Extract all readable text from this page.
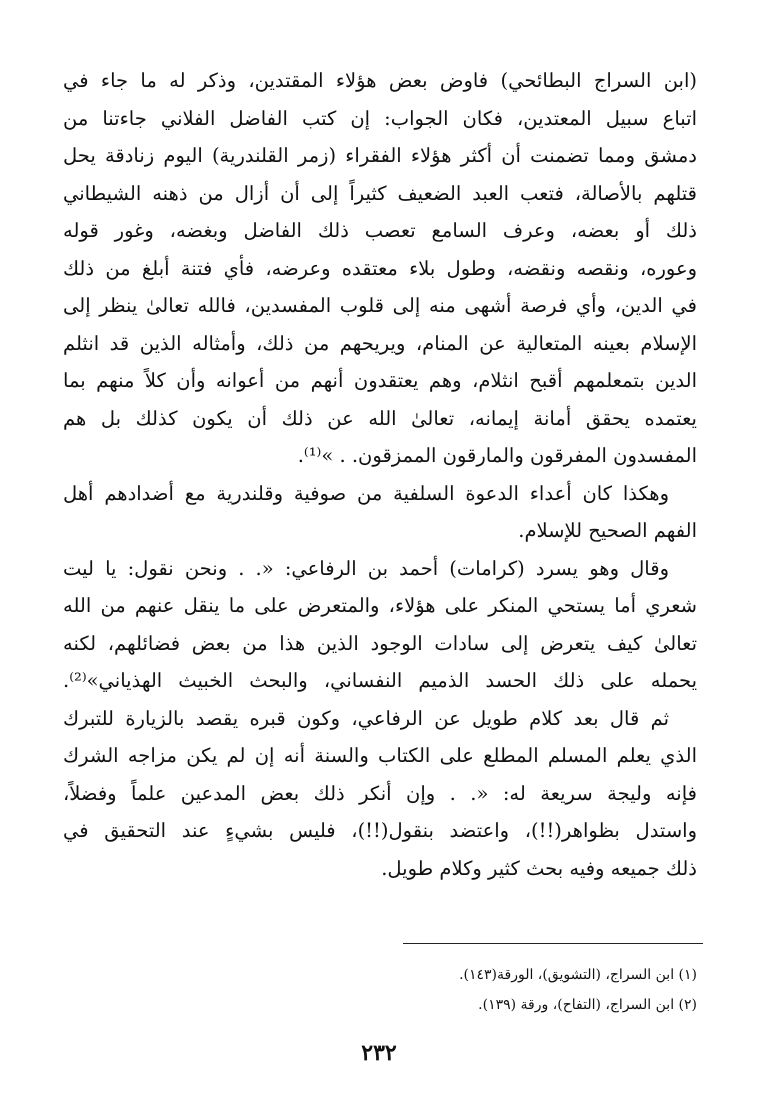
(ابن السراج البطائحي) فاوض بعض هؤلاء المقتدين، وذكر له ما جاء في
اتباع سبيل المعتدين، فكان الجواب: إن كتب الفاضل الفلاني جاءتنا من
دمشق ومما تضمنت أن أكثر هؤلاء الفقراء (زمر القلندرية) اليوم زنادقة يحل
قتلهم بالأصالة، فتعب العبد الضعيف كثيراً إلى أن أزال من ذهنه الشيطاني
ذلك أو بعضه، وعرف السامع تعصب ذلك الفاضل وبغضه، وغور قوله
وعوره، ونقصه ونقضه، وطول بلاء معتقده وعرضه، فأي فتنة أبلغ من ذلك
في الدين، وأي فرصة أشهى منه إلى قلوب المفسدين، فالله تعالىٰ ينظر إلى
الإسلام بعينه المتعالية عن المنام، ويريحهم من ذلك، وأمثاله الذين قد انثلم
الدين بتمعلمهم أقبح انثلام، وهم يعتقدون أنهم من أعوانه وأن كلاً منهم بما
يعتمده يحقق أمانة إيمانه، تعالىٰ الله عن ذلك أن يكون كذلك بل هم
المفسدون المفرقون والمارقون الممزقون. . »⁽¹⁾.
وهكذا كان أعداء الدعوة السلفية من صوفية وقلندرية مع أضدادهم أهل
الفهم الصحيح للإسلام.
وقال وهو يسرد (كرامات) أحمد بن الرفاعي: «. . ونحن نقول: يا ليت
شعري أما يستحي المنكر على هؤلاء، والمتعرض على ما ينقل عنهم من الله
تعالىٰ كيف يتعرض إلى سادات الوجود الذين هذا من بعض فضائلهم، لكنه
يحمله على ذلك الحسد الذميم النفساني، والبحث الخبيث الهذياني»⁽²⁾.
ثم قال بعد كلام طويل عن الرفاعي، وكون قبره يقصد بالزيارة للتبرك
الذي يعلم المسلم المطلع على الكتاب والسنة أنه إن لم يكن مزاجه الشرك
فإنه وليجة سريعة له: «. . وإن أنكر ذلك بعض المدعين علماً وفضلاً،
واستدل بظواهر(!!)، واعتضد بنقول(!!)، فليس بشيءٍ عند التحقيق في
ذلك جميعه وفيه بحث كثير وكلام طويل.
(١) ابن السراج، (التشويق)، الورقة(١٤٣).
(٢) ابن السراج، (التفاح)، ورقة (١٣٩).
٢٣٢
